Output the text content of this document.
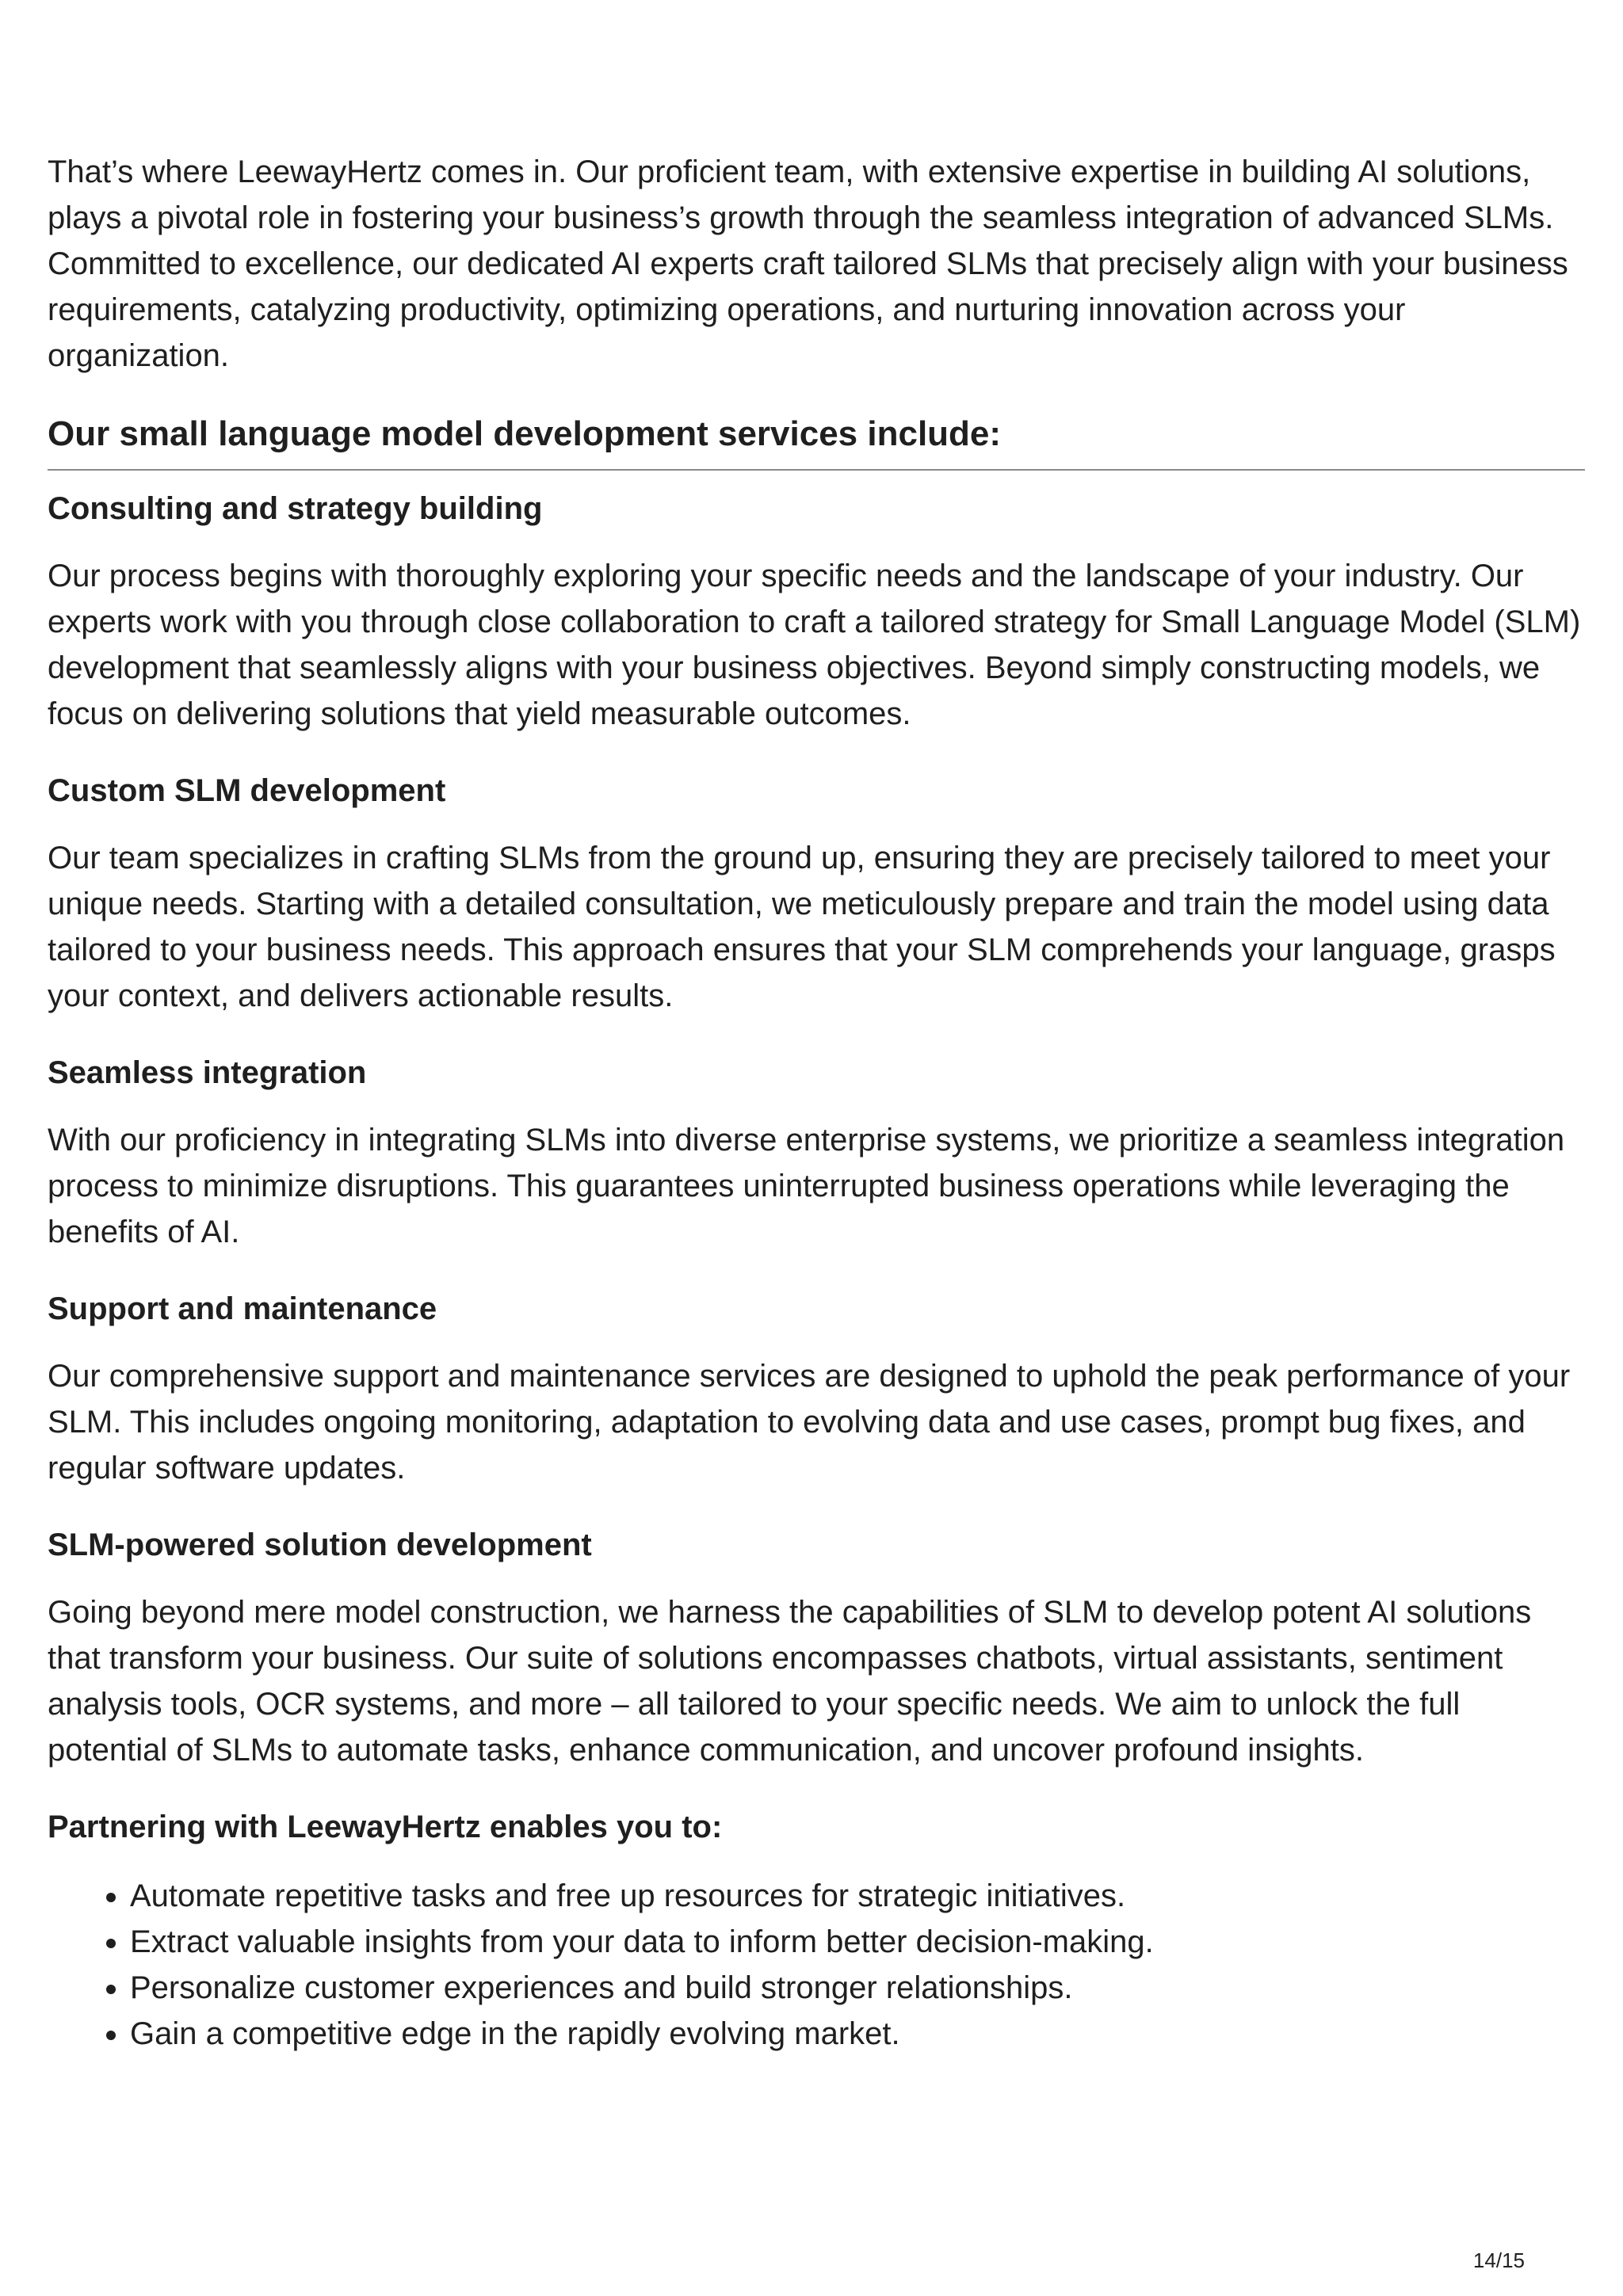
That’s where LeewayHertz comes in. Our proficient team, with extensive expertise in building AI solutions, plays a pivotal role in fostering your business’s growth through the seamless integration of advanced SLMs. Committed to excellence, our dedicated AI experts craft tailored SLMs that precisely align with your business requirements, catalyzing productivity, optimizing operations, and nurturing innovation across your organization.

Our small language model development services include:
Consulting and strategy building

Our process begins with thoroughly exploring your specific needs and the landscape of your industry. Our experts work with you through close collaboration to craft a tailored strategy for Small Language Model (SLM) development that seamlessly aligns with your business objectives. Beyond simply constructing models, we focus on delivering solutions that yield measurable outcomes.

Custom SLM development

Our team specializes in crafting SLMs from the ground up, ensuring they are precisely tailored to meet your unique needs. Starting with a detailed consultation, we meticulously prepare and train the model using data tailored to your business needs. This approach ensures that your SLM comprehends your language, grasps your context, and delivers actionable results.

Seamless integration

With our proficiency in integrating SLMs into diverse enterprise systems, we prioritize a seamless integration process to minimize disruptions. This guarantees uninterrupted business operations while leveraging the benefits of AI.

Support and maintenance

Our comprehensive support and maintenance services are designed to uphold the peak performance of your SLM. This includes ongoing monitoring, adaptation to evolving data and use cases, prompt bug fixes, and regular software updates.

SLM-powered solution development

Going beyond mere model construction, we harness the capabilities of SLM to develop potent AI solutions that transform your business. Our suite of solutions encompasses chatbots, virtual assistants, sentiment analysis tools, OCR systems, and more – all tailored to your specific needs. We aim to unlock the full potential of SLMs to automate tasks, enhance communication, and uncover profound insights.

Partnering with LeewayHertz enables you to:
• Automate repetitive tasks and free up resources for strategic initiatives.
• Extract valuable insights from your data to inform better decision-making.
• Personalize customer experiences and build stronger relationships.
• Gain a competitive edge in the rapidly evolving market.
14/15
